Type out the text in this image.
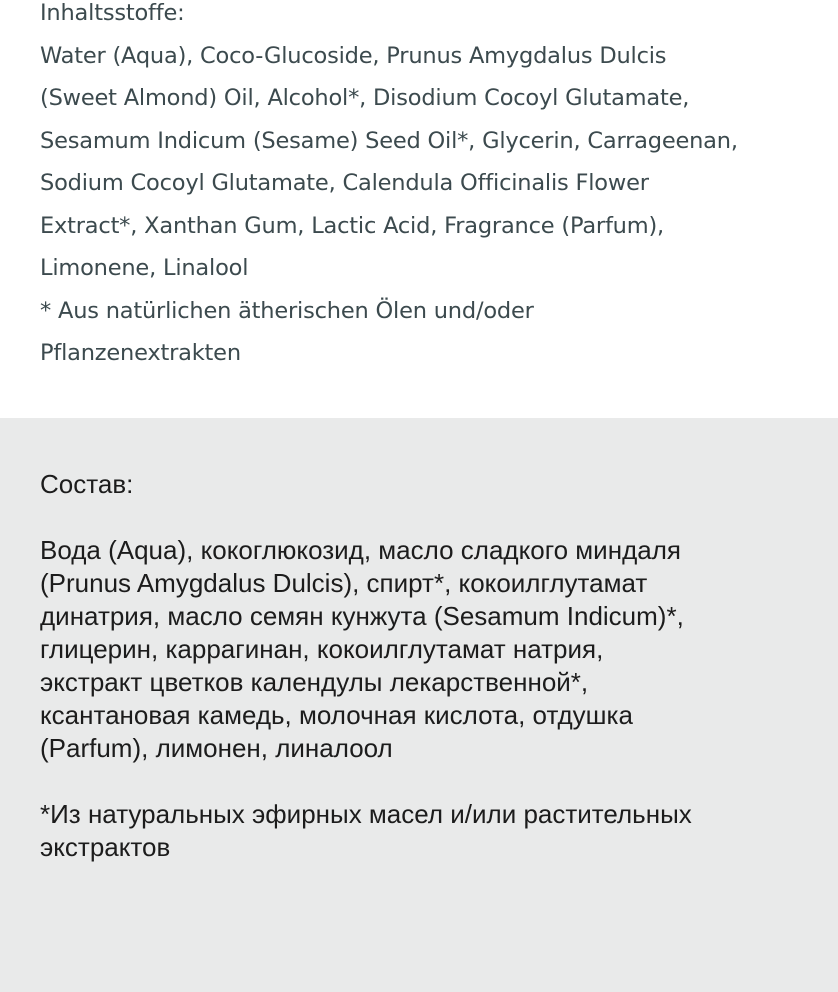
Inhaltsstoffe:
Water (Aqua), Coco-Glucoside, Prunus Amygdalus Dulcis
(Sweet Almond) Oil, Alcohol*, Disodium Cocoyl Glutamate,
Sesamum Indicum (Sesame) Seed Oil*, Glycerin, Carrageenan,
Sodium Cocoyl Glutamate, Calendula Officinalis Flower
Extract*, Xanthan Gum, Lactic Acid, Fragrance (Parfum),
Limonene, Linalool
* Aus natürlichen ätherischen Ölen und/oder
Pflanzenextrakten
Состав:
Вода (Aqua), кокоглюкозид, масло сладкого миндаля
(Prunus Amygdalus Dulcis), спирт*, кокоилглутамат
динатрия, масло семян кунжута (Sesamum Indicum)*,
глицерин, каррагинан, кокоилглутамат натрия,
экстракт цветков календулы лекарственной*,
ксантановая камедь, молочная кислота, отдушка
(Parfum), лимонен, линалоол
*Из натуральных эфирных масел и/или растительных
экстрактов
